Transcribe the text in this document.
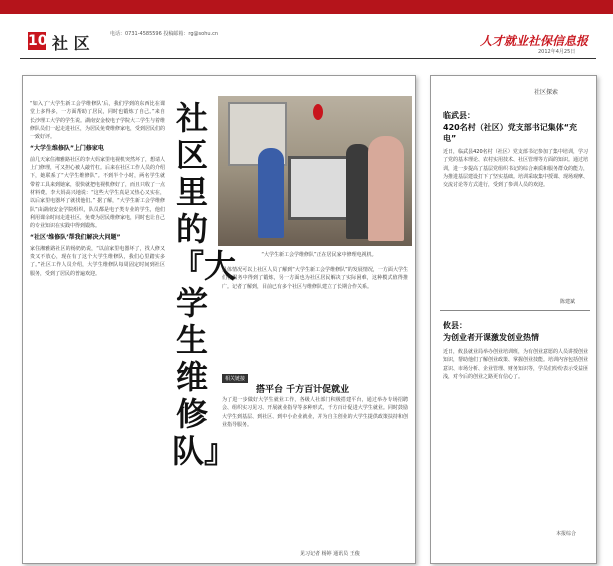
10 社 区	电话：0731-4585596 投稿邮箱：rg@sohu.cn	人才就业社保信息报
2012年4月25日
“如入了‘大学生新工会学维修队’后，我们学到的东西比在课堂上多得多，一方面帮助了居民，同时也锻炼了自己。”来自长沙理工大学的学生说。湖南安金校电子学院大二学生与着维修队员们一起走进社区，为居民免费维修家电，受到居民们的一致好评。
“大学生维修队”上门修家电
前几天家住湘雅路社区的李大妈家里电视机突然坏了，想请人上门修理，可又担心被人敲竹杠。后来在社区工作人员的介绍下，她联系了“大学生维修队”。不到半个小时，两名学生就带着工具来到她家，很快就把电视机修好了，而且只收了一点材料费。李大妈高兴地说：“这些大学生真是又热心又实在，以后家里电器坏了就找他们。” 据了解，“大学生新工会学维修队”由湖南安金学院组织，队员都是电子类专业的学生，他们利用课余时间走进社区，免费为居民维修家电，同时也让自己的专业知识在实践中得到锻炼。
“社区‘维修队’帮我们解决大问题”
家住湘雅路社区的杨奶奶说，“以前家里电器坏了，找人修又贵又不放心，现在有了这个大学生维修队，我们心里踏实多了。”社区工作人员介绍，大学生维修队每周固定时间到社区服务，受到了居民的普遍欢迎。
社区里的『大学生维修队』
“大学生新工会学维修队”正在居民家中修理电视机。
具体情况可以上社区人员了解到“大学生新工会学维修队”的发展情况，一方面大学生们在服务中得到了锻炼，另一方面也为社区居民解决了实际困难，这种模式值得推广。记者了解到，目前已有多个社区与维修队建立了长期合作关系。
相关链接
搭平台 千方百计促就业
为了进一步做好大学生就业工作，各级人社部门积极搭建平台，通过举办专场招聘会、组织实习见习、开展就业指导等多种形式，千方百计促进大学生就业。同时鼓励大学生到基层、到社区、到中小企业就业，并为自主创业的大学生提供政策扶持和创业指导服务。
见习记者 杨婷 通讯员 王俊
社区探索
临武县：
420名村（社区）党支部书记集体“充电”
近日，临武县420名村（社区）党支部书记参加了集中培训，学习了党的基本理论、农村实用技术、社区管理等方面的知识。通过培训，进一步提高了基层党组织书记的综合素质和服务群众的能力，为推进基层建设打下了坚实基础。培训采取集中授课、现场观摩、交流讨论等方式进行，受到了参训人员的欢迎。
陈建斌
攸县：
为创业者开课激发创业热情
近日，攸县就业局举办创业培训班，为有创业意愿的人员讲授创业知识，帮助他们了解创业政策、掌握创业技能。培训内容包括创业意识、市场分析、企业管理、财务知识等，学员们纷纷表示受益匪浅，对今后的创业之路更有信心了。
本报综合
